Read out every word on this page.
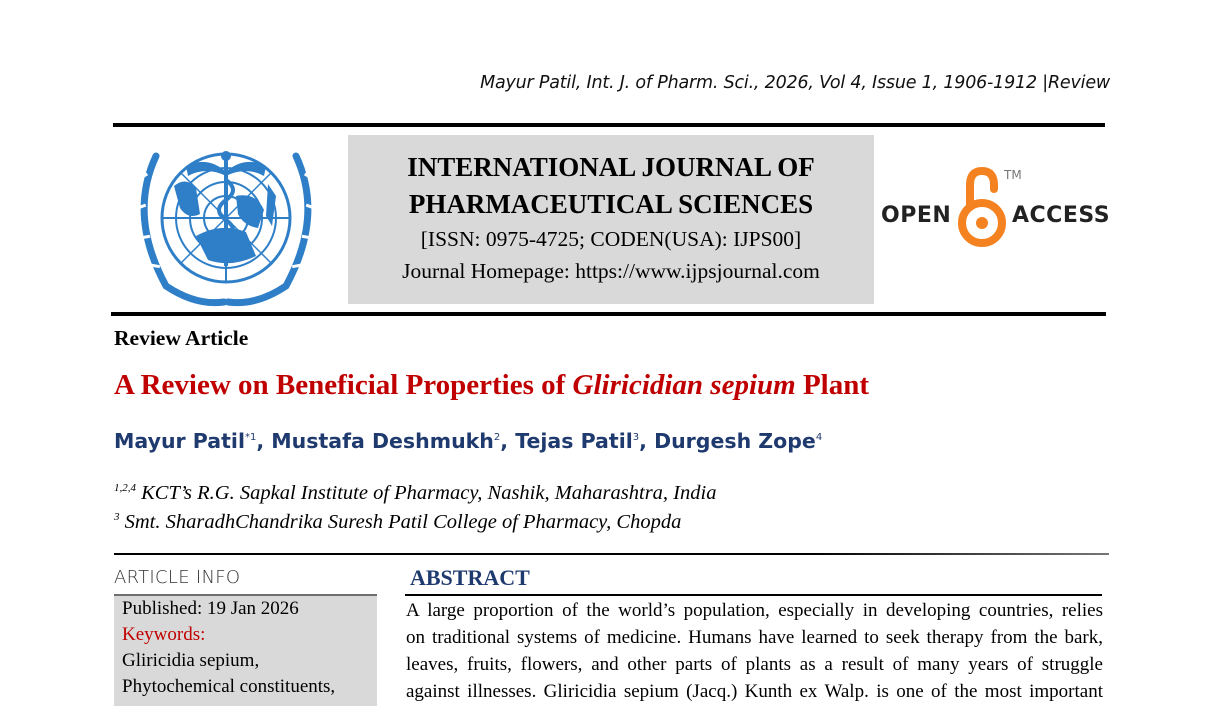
Mayur Patil, Int. J. of Pharm. Sci., 2026, Vol 4, Issue 1, 1906-1912 |Review
INTERNATIONAL JOURNAL OF
PHARMACEUTICAL SCIENCES
[ISSN: 0975-4725; CODEN(USA): IJPS00]
Journal Homepage: https://www.ijpsjournal.com
OPEN
TM
ACCESS
Review Article
A Review on Beneficial Properties of Gliricidian sepium Plant
Mayur Patil$^{*1}$, Mustafa Deshmukh$^2$, Tejas Patil$^3$, Durgesh Zope$^4$
$^{1,2,4}$ KCT’s R.G. Sapkal Institute of Pharmacy, Nashik, Maharashtra, India
$^3$ Smt. SharadhChandrika Suresh Patil College of Pharmacy, Chopda
ARTICLE INFO
Published: 19 Jan 2026
Keywords:
Gliricidia sepium,
Phytochemical constituents,
ABSTRACT
A large proportion of the world’s population, especially in developing countries, relies
on traditional systems of medicine. Humans have learned to seek therapy from the bark,
leaves, fruits, flowers, and other parts of plants as a result of many years of struggle
against illnesses. Gliricidia sepium (Jacq.) Kunth ex Walp. is one of the most important
